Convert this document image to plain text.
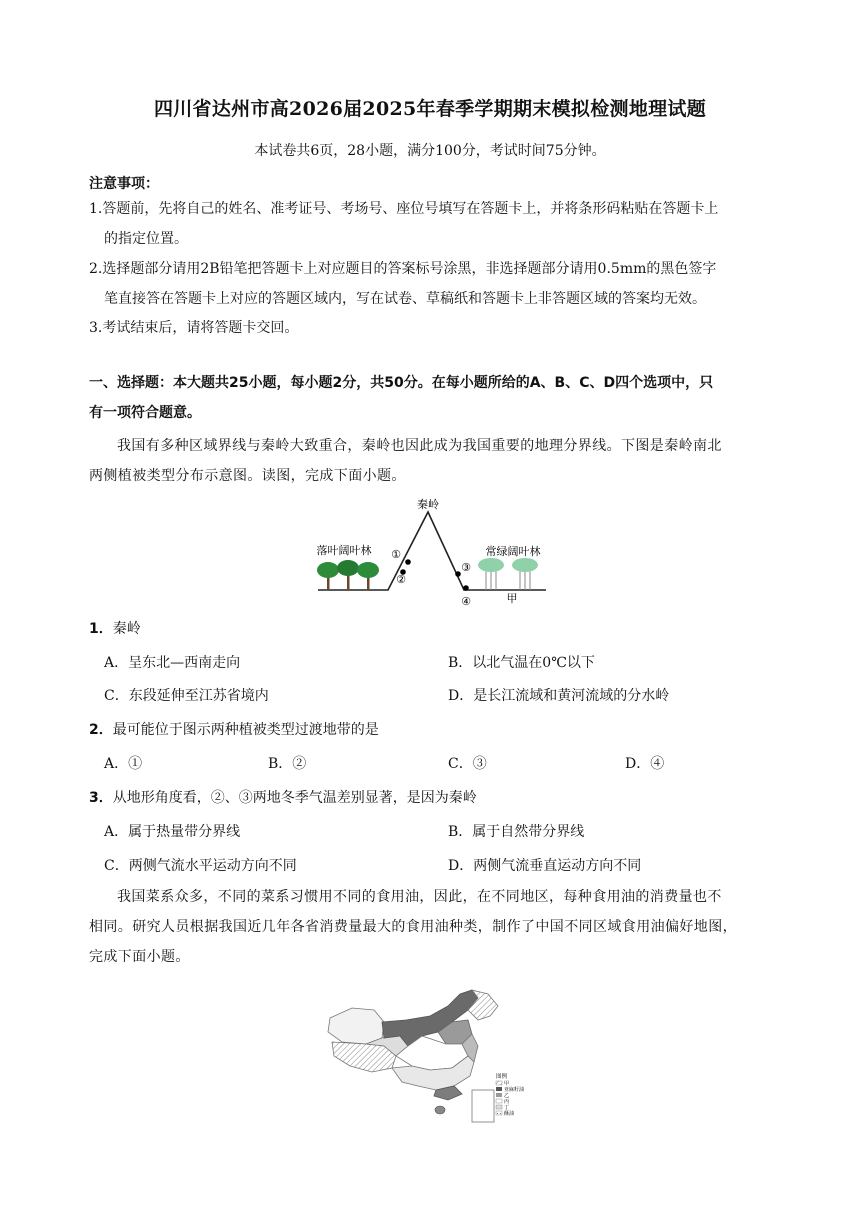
四川省达州市高2026届2025年春季学期期末模拟检测地理试题
本试卷共6页，28小题，满分100分，考试时间75分钟。
注意事项：
1.答题前，先将自己的姓名、准考证号、考场号、座位号填写在答题卡上，并将条形码粘贴在答题卡上
的指定位置。
2.选择题部分请用2B铅笔把答题卡上对应题目的答案标号涂黑，非选择题部分请用0.5mm的黑色签字
笔直接答在答题卡上对应的答题区域内，写在试卷、草稿纸和答题卡上非答题区域的答案均无效。
3.考试结束后，请将答题卡交回。
一、选择题：本大题共25小题，每小题2分，共50分。在每小题所给的A、B、C、D四个选项中，只
有一项符合题意。
我国有多种区域界线与秦岭大致重合，秦岭也因此成为我国重要的地理分界线。下图是秦岭南北
两侧植被类型分布示意图。读图，完成下面小题。
秦岭
落叶阔叶林	常绿阔叶林
①
②
③
④	甲
1．秦岭
A．呈东北—西南走向	B．以北气温在0℃以下
C．东段延伸至江苏省境内	D．是长江流域和黄河流域的分水岭
2．最可能位于图示两种植被类型过渡地带的是
A．①	B．②	C．③	D．④
3．从地形角度看，②、③两地冬季气温差别显著，是因为秦岭
A．属于热量带分界线	B．属于自然带分界线
C．两侧气流水平运动方向不同	D．两侧气流垂直运动方向不同
我国菜系众多，不同的菜系习惯用不同的食用油，因此，在不同地区，每种食用油的消费量也不
相同。研究人员根据我国近几年各省消费量最大的食用油种类，制作了中国不同区域食用油偏好地图，
完成下面小题。
图例
甲
亚麻籽油
乙
丙
丁
酥油
